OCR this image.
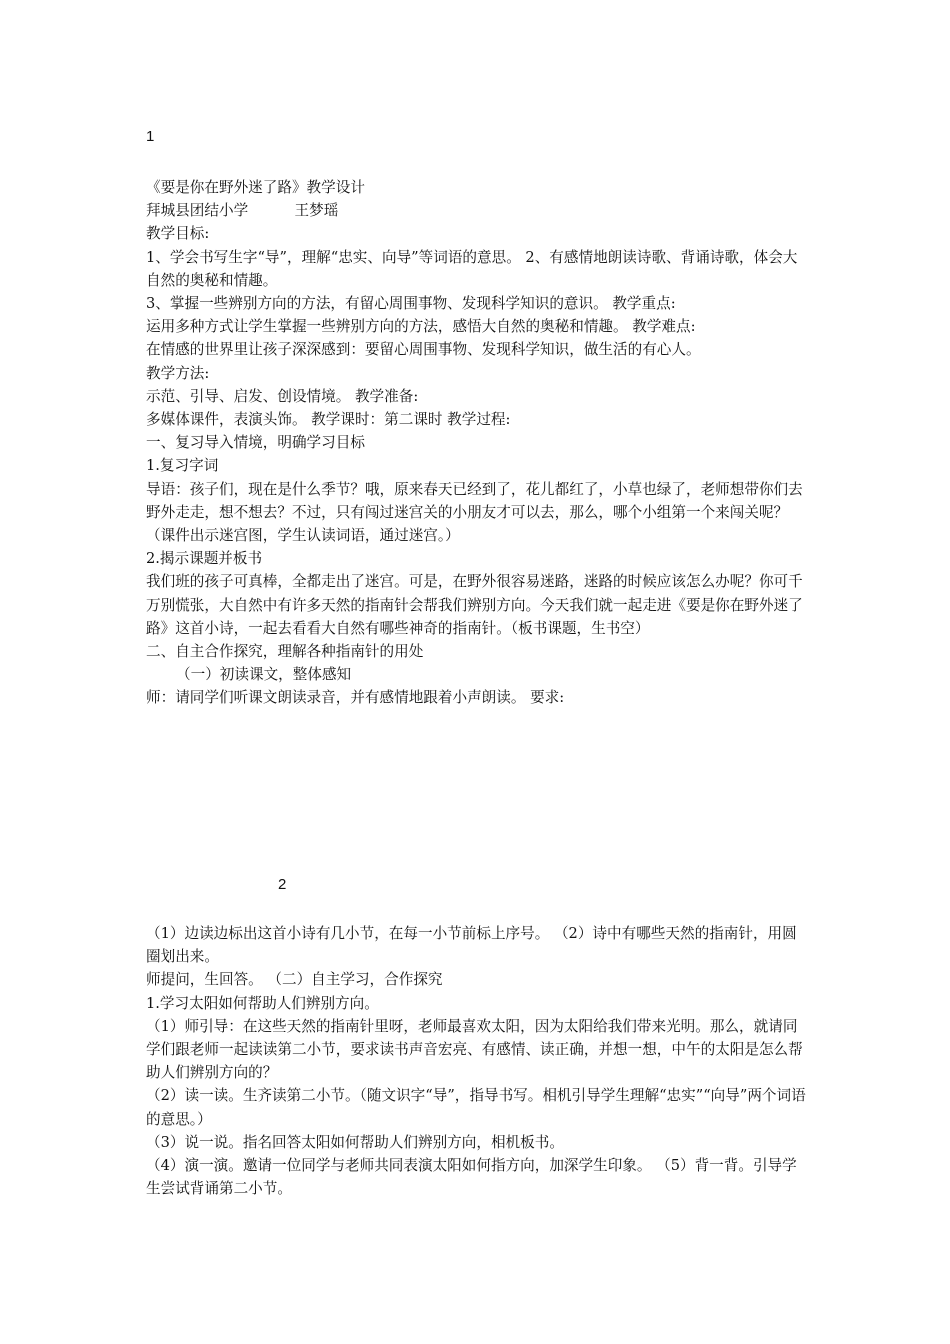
1

《要是你在野外迷了路》教学设计

拜城县团结小学          王梦瑶

教学目标:

1、学会书写生字“导”，理解“忠实、向导”等词语的意思。 2、有感情地朗读诗歌、背诵诗歌，体会大自然的奥秘和情趣。

3、掌握一些辨别方向的方法，有留心周围事物、发现科学知识的意识。 教学重点:

运用多种方式让学生掌握一些辨别方向的方法，感悟大自然的奥秘和情趣。 教学难点:

在情感的世界里让孩子深深感到：要留心周围事物、发现科学知识，做生活的有心人。

教学方法:

示范、引导、启发、创设情境。 教学准备:

多媒体课件，表演头饰。 教学课时：第二课时 教学过程:

一、复习导入情境，明确学习目标

1.复习字词

导语：孩子们，现在是什么季节？哦，原来春天已经到了，花儿都红了，小草也绿了，老师想带你们去野外走走，想不想去？不过，只有闯过迷宫关的小朋友才可以去，那么，哪个小组第一个来闯关呢？（课件出示迷宫图，学生认读词语，通过迷宫。）

2.揭示课题并板书

我们班的孩子可真棒，全都走出了迷宫。可是，在野外很容易迷路，迷路的时候应该怎么办呢？你可千万别慌张，大自然中有许多天然的指南针会帮我们辨别方向。今天我们就一起走进《要是你在野外迷了路》这首小诗，一起去看看大自然有哪些神奇的指南针。（板书课题，生书空）

二、自主合作探究，理解各种指南针的用处

（一）初读课文，整体感知

师：请同学们听课文朗读录音，并有感情地跟着小声朗读。 要求:

2

（1）边读边标出这首小诗有几小节，在每一小节前标上序号。 （2）诗中有哪些天然的指南针，用圆圈划出来。

师提问，生回答。 （二）自主学习，合作探究

1.学习太阳如何帮助人们辨别方向。

（1）师引导：在这些天然的指南针里呀，老师最喜欢太阳，因为太阳给我们带来光明。那么，就请同学们跟老师一起读读第二小节，要求读书声音宏亮、有感情、读正确，并想一想，中午的太阳是怎么帮助人们辨别方向的？

（2）读一读。生齐读第二小节。（随文识字“导”，指导书写。相机引导学生理解“忠实”“向导”两个词语的意思。）

（3）说一说。指名回答太阳如何帮助人们辨别方向，相机板书。

（4）演一演。邀请一位同学与老师共同表演太阳如何指方向，加深学生印象。 （5）背一背。引导学生尝试背诵第二小节。
